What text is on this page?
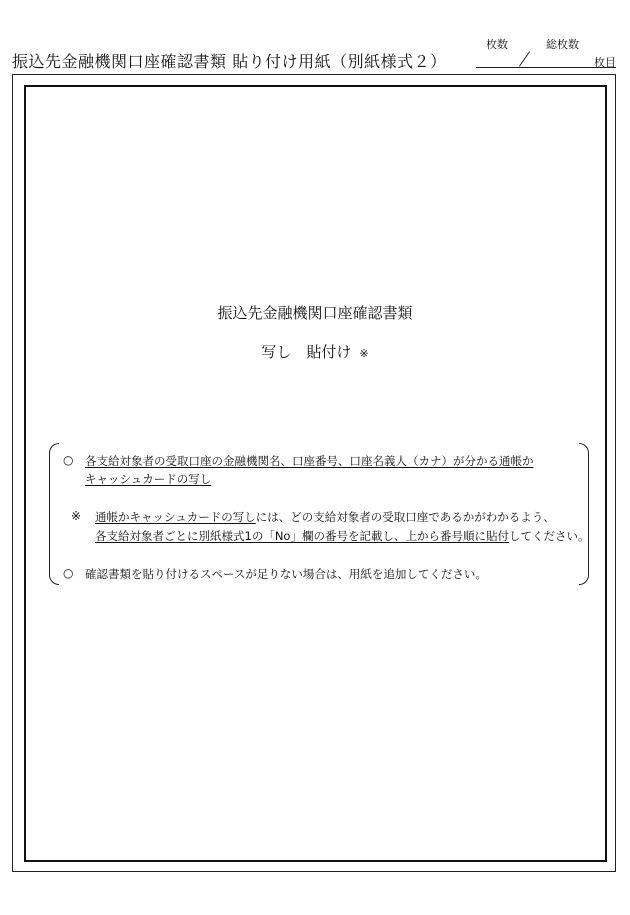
振込先金融機関口座確認書類 貼り付け用紙（別紙様式２）
枚数	総枚数
枚目
振込先金融機関口座確認書類
写し　貼付け ※
○ 各支給対象者の受取口座の金融機関名、口座番号、口座名義人（カナ）が分かる通帳か
キャッシュカードの写し
※ 通帳かキャッシュカードの写しには、どの支給対象者の受取口座であるかがわかるよう、
各支給対象者ごとに別紙様式1の「No」欄の番号を記載し、上から番号順に貼付してください。
○ 確認書類を貼り付けるスペースが足りない場合は、用紙を追加してください。
